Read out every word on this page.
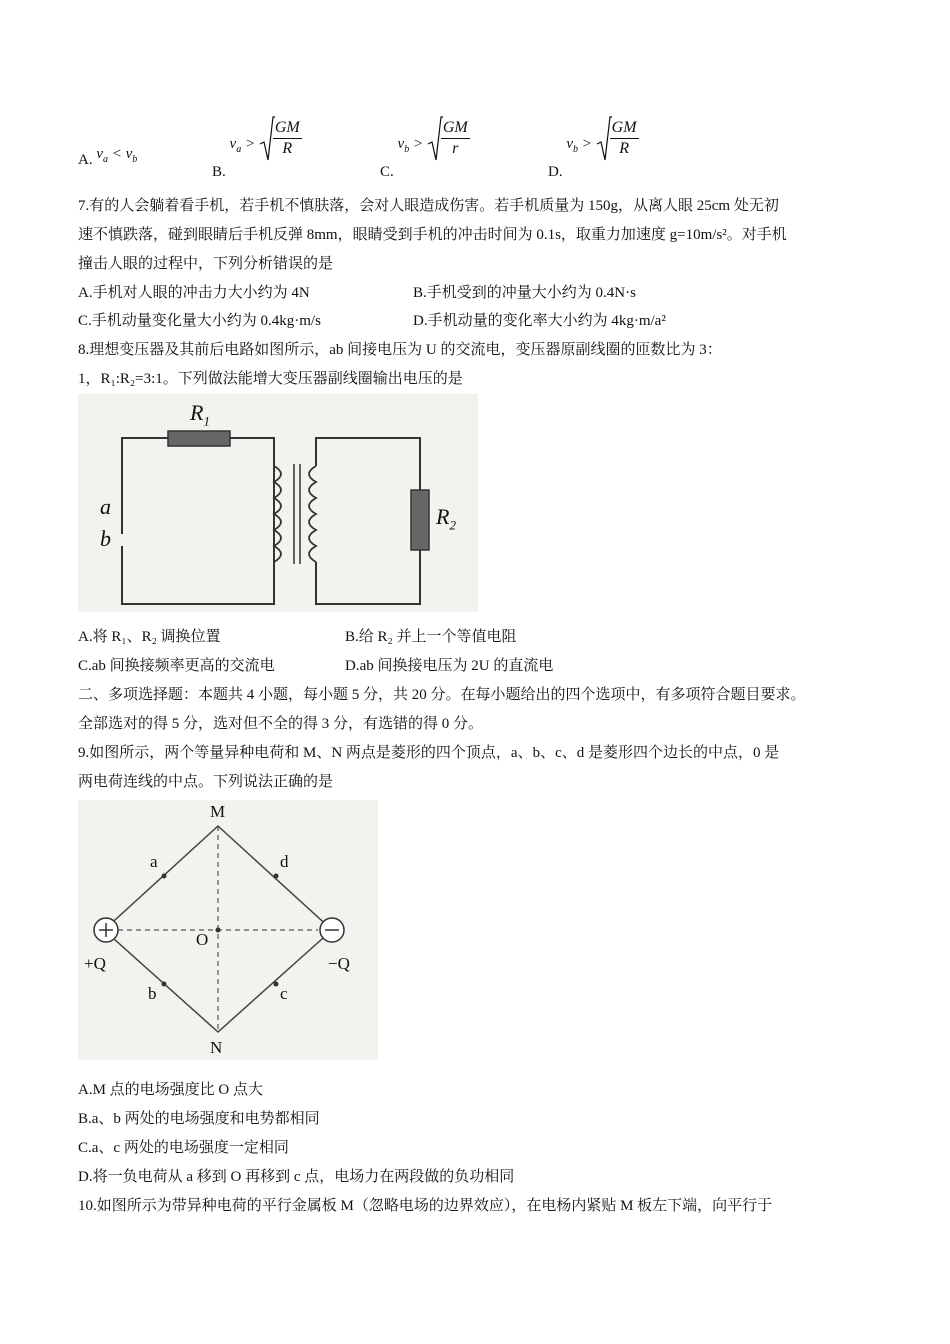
A. $v_a < v_b$
B. $v_a > \frac{GM}{R}$
C. $v_b > \frac{GM}{r}$
D. $v_b > \frac{GM}{R}$
7.有的人会躺着看手机，若手机不慎肤落，会对人眼造成伤害。若手机质量为 150g，从离人眼 25cm 处无初
速不慎跌落，碰到眼睛后手机反弹 8mm，眼睛受到手机的冲击时间为 0.1s，取重力加速度 g=10m/s²。对手机
撞击人眼的过程中，下列分析错误的是
A.手机对人眼的冲击力大小约为 4N	B.手机受到的冲量大小约为 0.4N·s
C.手机动量变化量大小约为 0.4kg·m/s	D.手机动量的变化率大小约为 4kg·m/a²
8.理想变压器及其前后电路如图所示，ab 间接电压为 U 的交流电，变压器原副线圈的匝数比为 3：
1，R₁:R₂=3:1。下列做法能增大变压器副线圈输出电压的是
$R_1$
$R_2$
a
b
A.将 R₁、R₂ 调换位置	B.给 R₂ 并上一个等值电阻
C.ab 间换接频率更高的交流电	D.ab 间换接电压为 2U 的直流电
二、多项选择题：本题共 4 小题，每小题 5 分，共 20 分。在每小题给出的四个选项中，有多项符合题目要求。
全部选对的得 5 分，选对但不全的得 3 分，有选错的得 0 分。
9.如图所示，两个等量异种电荷和 M、N 两点是菱形的四个顶点，a、b、c、d 是菱形四个边长的中点，0 是
两电荷连线的中点。下列说法正确的是
M
N
a	d
b	c
O
+Q	−Q
A.M 点的电场强度比 O 点大
B.a、b 两处的电场强度和电势都相同
C.a、c 两处的电场强度一定相同
D.将一负电荷从 a 移到 O 再移到 c 点，电场力在两段做的负功相同
10.如图所示为带异种电荷的平行金属板 M（忽略电场的边界效应），在电杨内紧贴 M 板左下端，向平行于
